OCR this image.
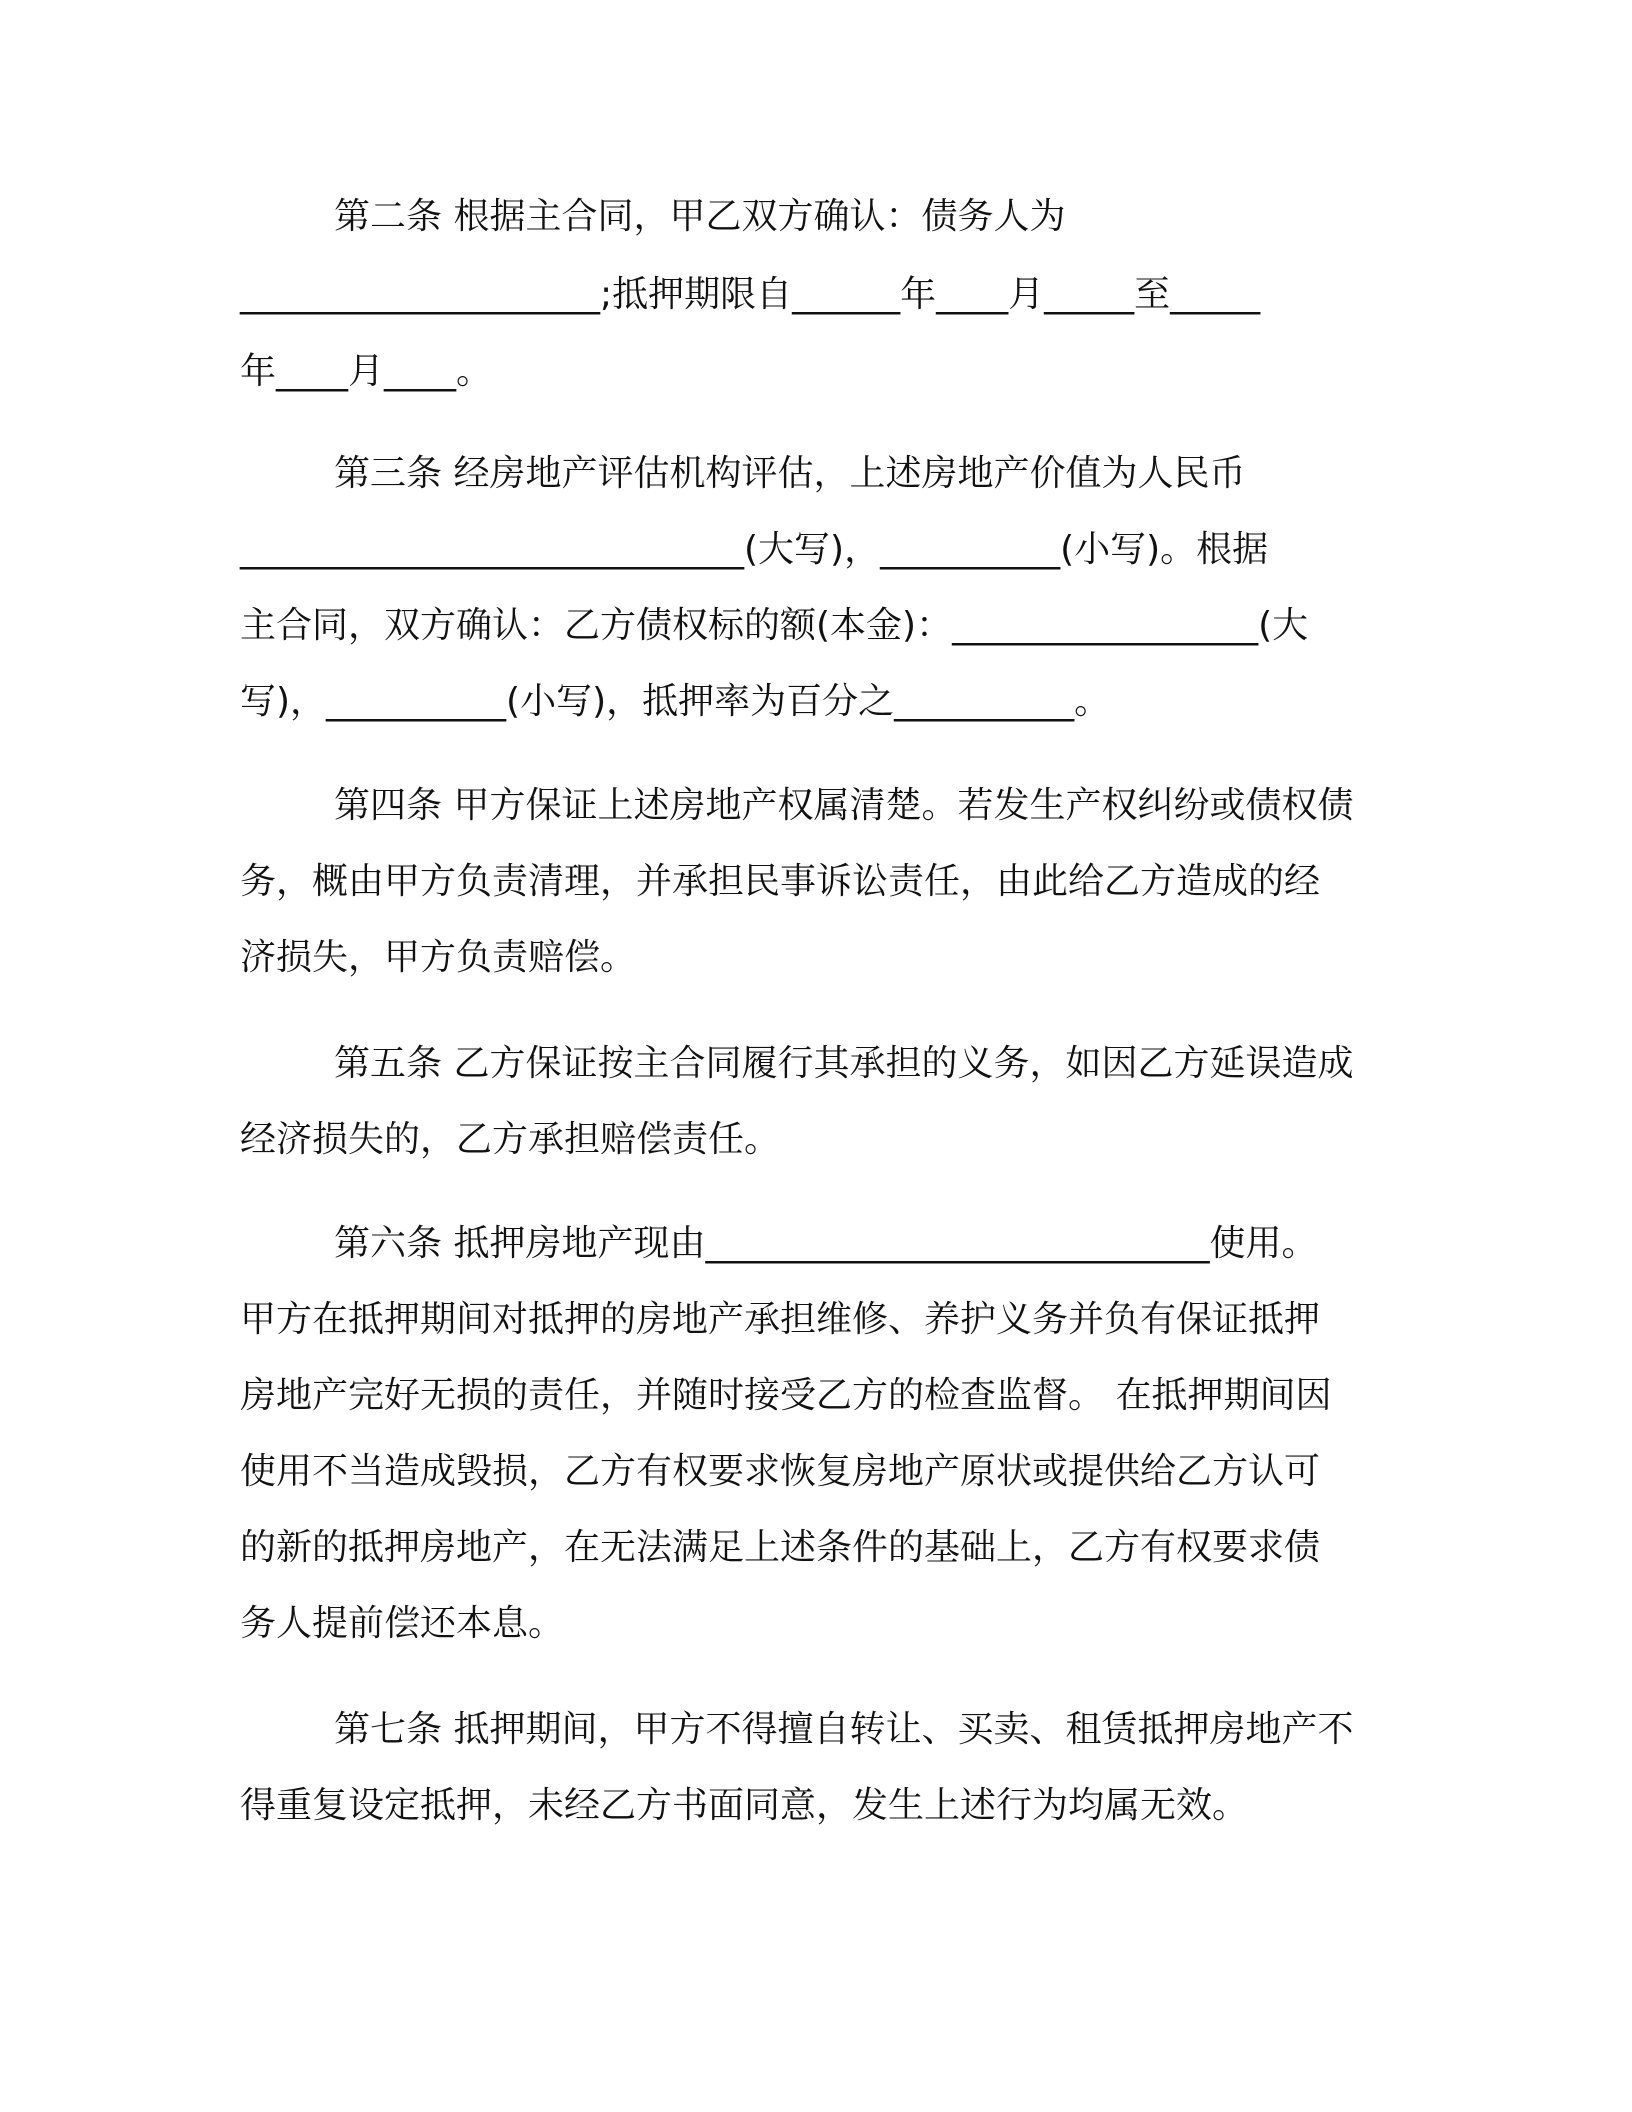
第二条 根据主合同，甲乙双方确认：债务人为
____________________;抵押期限自______年____月_____至_____
年____月____。
第三条 经房地产评估机构评估，上述房地产价值为人民币
____________________________(大写)，__________(小写)。根据
主合同，双方确认：乙方债权标的额(本金)：_________________(大
写)，__________(小写)，抵押率为百分之__________。
第四条 甲方保证上述房地产权属清楚。若发生产权纠纷或债权债
务，概由甲方负责清理，并承担民事诉讼责任，由此给乙方造成的经
济损失，甲方负责赔偿。
第五条 乙方保证按主合同履行其承担的义务，如因乙方延误造成
经济损失的，乙方承担赔偿责任。
第六条 抵押房地产现由____________________________使用。
甲方在抵押期间对抵押的房地产承担维修、养护义务并负有保证抵押
房地产完好无损的责任，并随时接受乙方的检查监督。 在抵押期间因
使用不当造成毁损，乙方有权要求恢复房地产原状或提供给乙方认可
的新的抵押房地产，在无法满足上述条件的基础上，乙方有权要求债
务人提前偿还本息。
第七条 抵押期间，甲方不得擅自转让、买卖、租赁抵押房地产不
得重复设定抵押，未经乙方书面同意，发生上述行为均属无效。
